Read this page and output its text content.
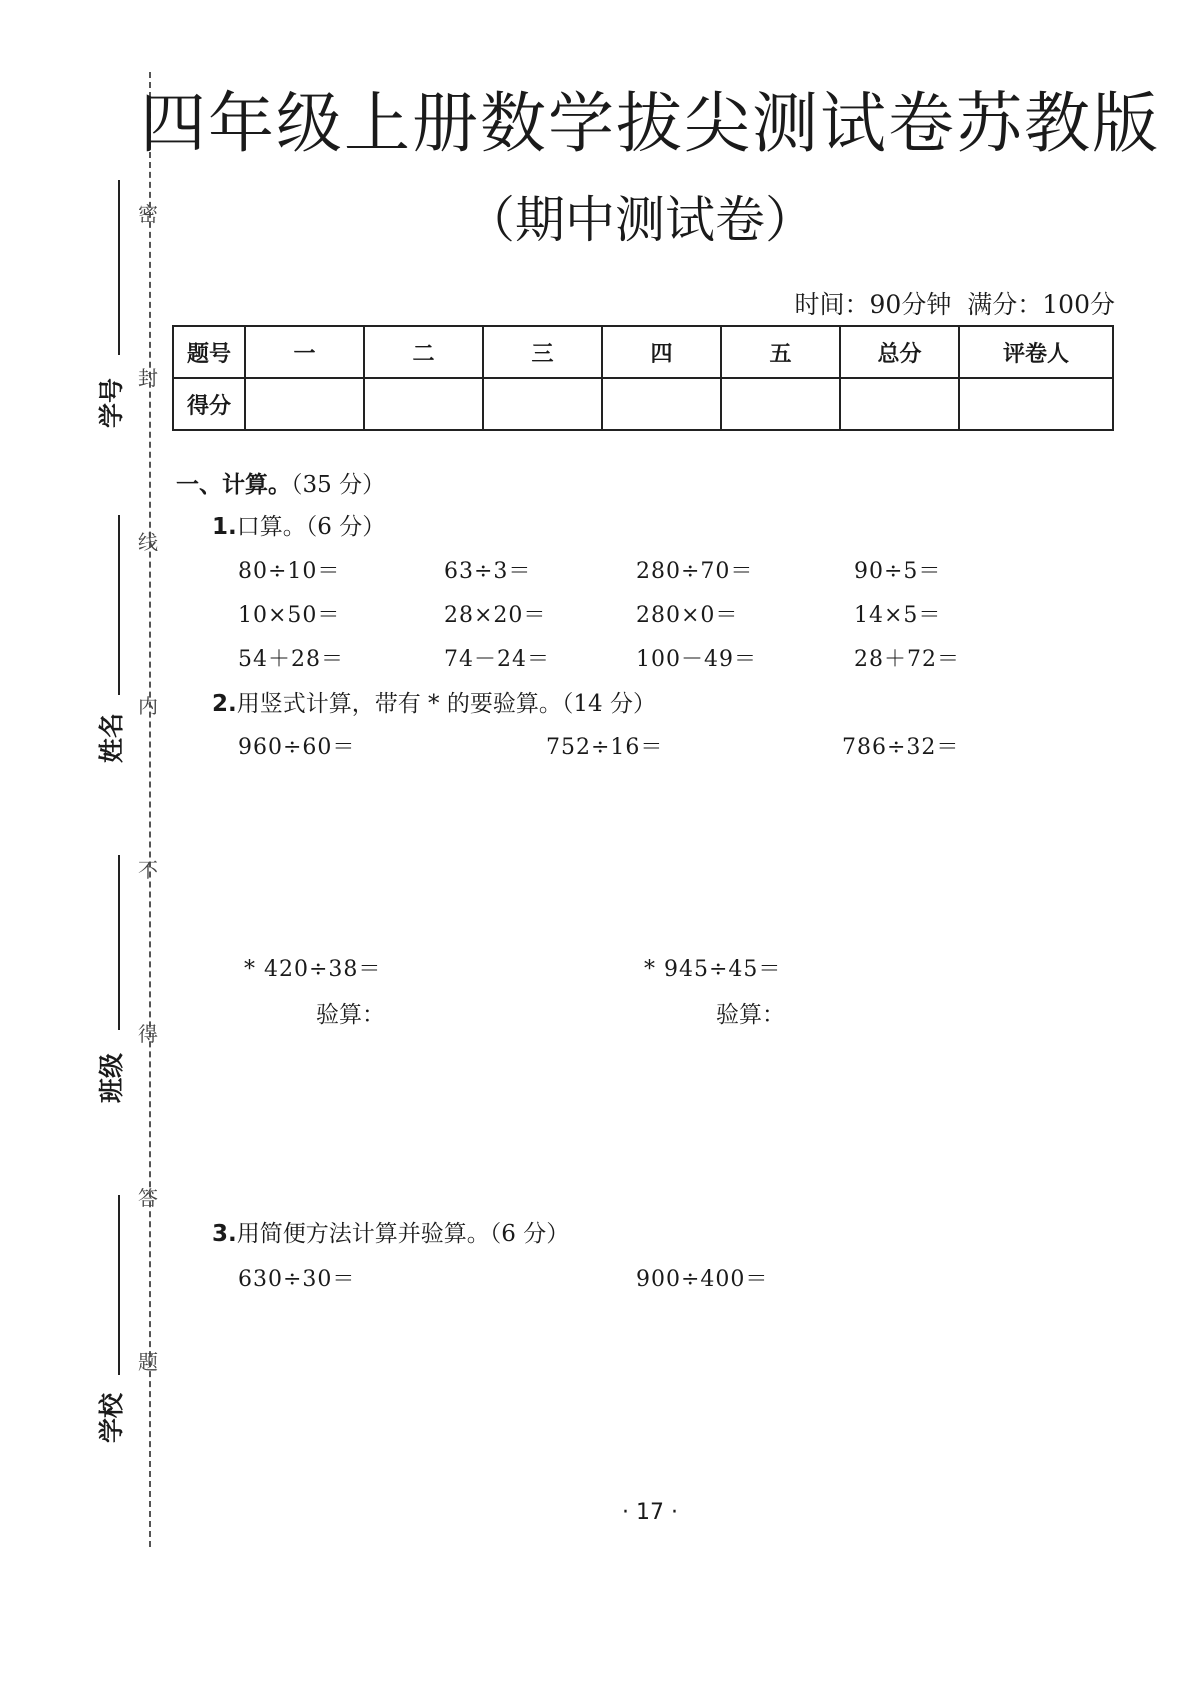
密
封
线
内
不
得
答
题
学号
姓名
班级
学校
四年级上册数学拔尖测试卷苏教版
（期中测试卷）
时间：90分钟 满分：100分
题号	一	二	三	四	五	总分	评卷人
得分							
一、计算。（35 分）
1.口算。（6 分）
80÷10＝	63÷3＝	280÷70＝	90÷5＝
10×50＝	28×20＝	280×0＝	14×5＝
54＋28＝	74－24＝	100－49＝	28＋72＝
2.用竖式计算，带有 * 的要验算。（14 分）
960÷60＝	752÷16＝	786÷32＝
* 420÷38＝	* 945÷45＝
验算：	验算：
3.用简便方法计算并验算。（6 分）
630÷30＝	900÷400＝
· 17 ·
